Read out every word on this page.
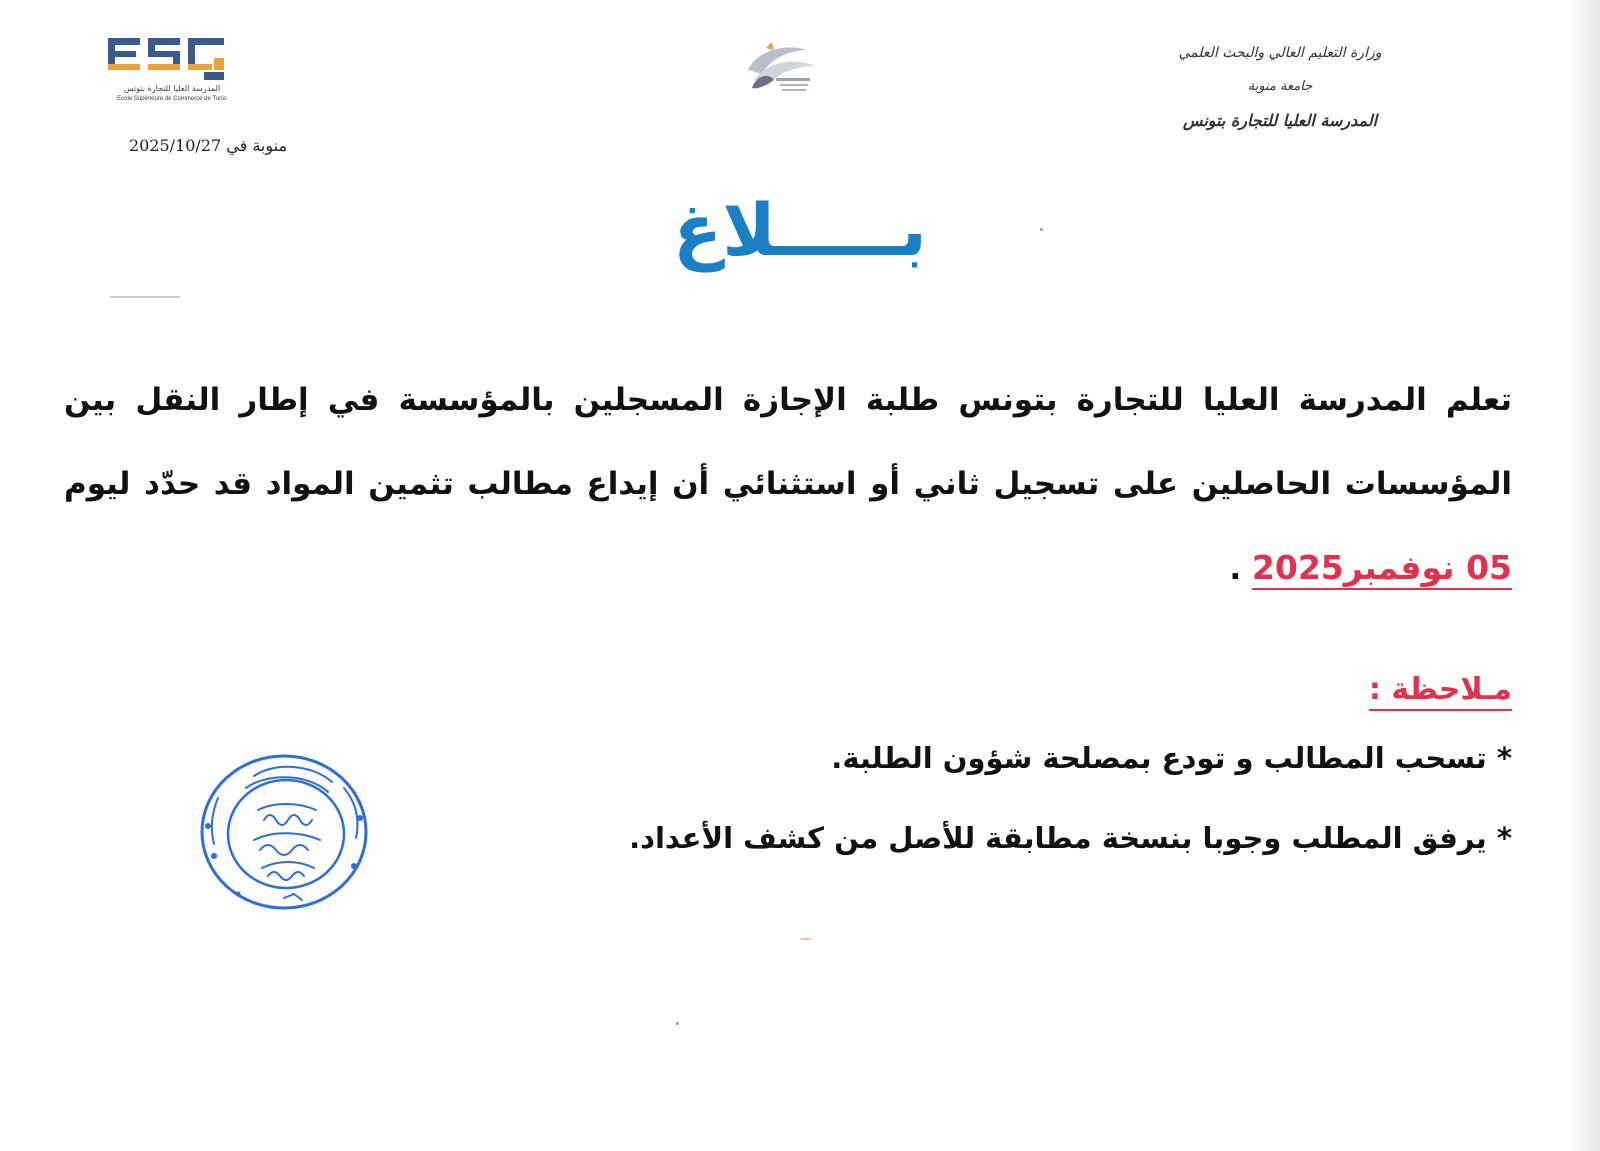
وزارة التعليم العالي والبحث العلمي
جامعة منوبة
المدرسة العليا للتجارة بتونس
المدرسة العليا للتجارة بتونس
Ecole Supérieure de Commerce de Tunis
منوبة في 2025/10/27
بـــــلاغ
تعلم المدرسة العليا للتجارة بتونس طلبة الإجازة المسجلين بالمؤسسة في إطار النقل بين المؤسسات الحاصلين على تسجيل ثاني أو استثنائي أن إيداع مطالب تثمين المواد قد حدّد ليوم 05 نوفمبر2025 .
مـلاحظة :
* تسحب المطالب و تودع بمصلحة شؤون الطلبة.
* يرفق المطلب وجوبا بنسخة مطابقة للأصل من كشف الأعداد.
